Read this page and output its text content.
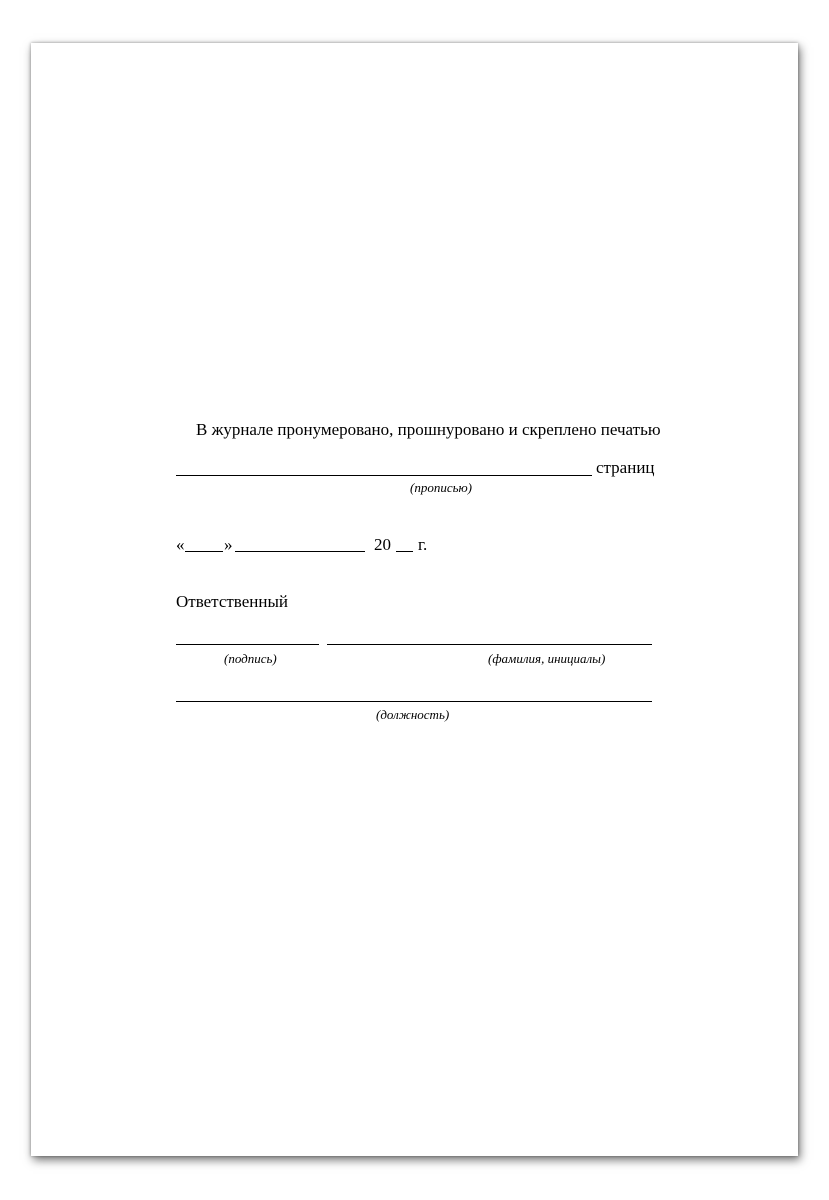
В журнале пронумеровано, прошнуровано и скреплено печатью
страниц
(прописью)
« »	20 г.
Ответственный
(подпись)	(фамилия, инициалы)
(должность)
